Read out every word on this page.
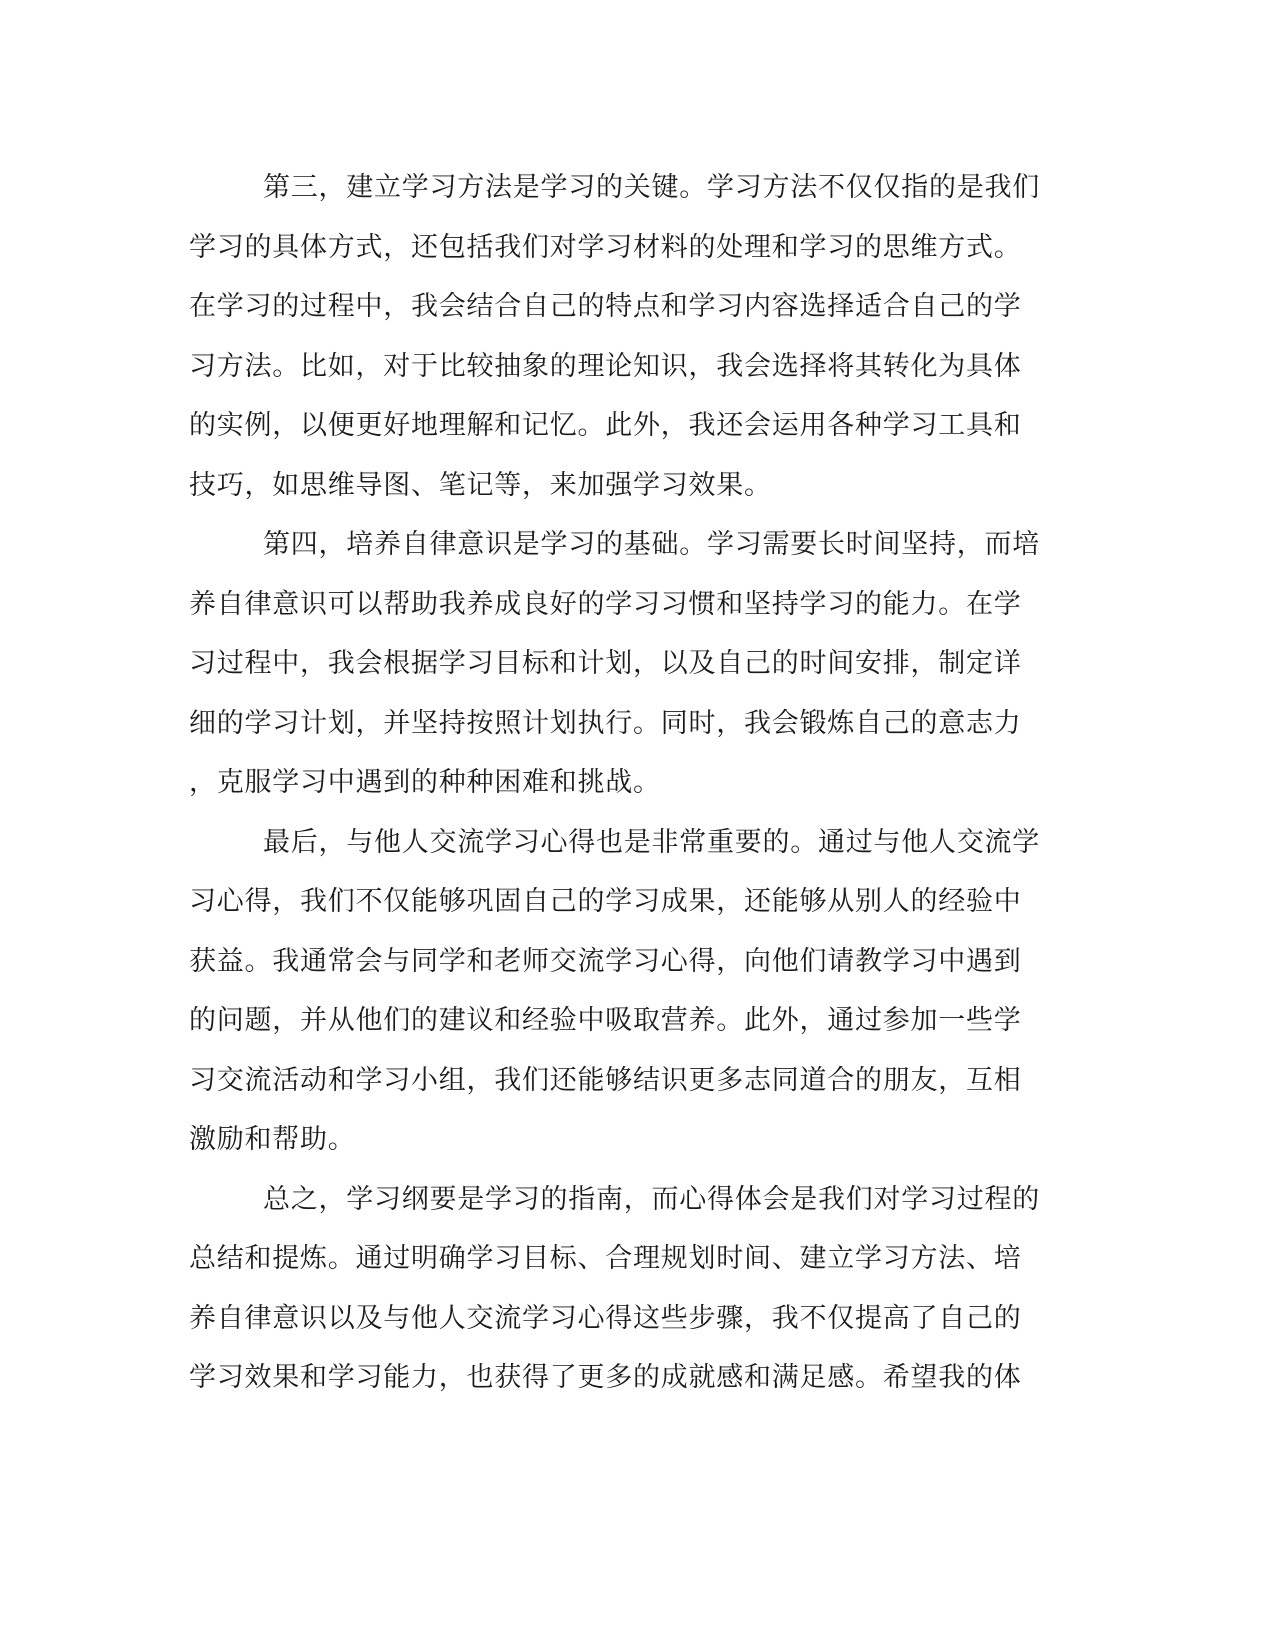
第三，建立学习方法是学习的关键。学习方法不仅仅指的是我们
学习的具体方式，还包括我们对学习材料的处理和学习的思维方式。
在学习的过程中，我会结合自己的特点和学习内容选择适合自己的学
习方法。比如，对于比较抽象的理论知识，我会选择将其转化为具体
的实例，以便更好地理解和记忆。此外，我还会运用各种学习工具和
技巧，如思维导图、笔记等，来加强学习效果。
第四，培养自律意识是学习的基础。学习需要长时间坚持，而培
养自律意识可以帮助我养成良好的学习习惯和坚持学习的能力。在学
习过程中，我会根据学习目标和计划，以及自己的时间安排，制定详
细的学习计划，并坚持按照计划执行。同时，我会锻炼自己的意志力
，克服学习中遇到的种种困难和挑战。
最后，与他人交流学习心得也是非常重要的。通过与他人交流学
习心得，我们不仅能够巩固自己的学习成果，还能够从别人的经验中
获益。我通常会与同学和老师交流学习心得，向他们请教学习中遇到
的问题，并从他们的建议和经验中吸取营养。此外，通过参加一些学
习交流活动和学习小组，我们还能够结识更多志同道合的朋友，互相
激励和帮助。
总之，学习纲要是学习的指南，而心得体会是我们对学习过程的
总结和提炼。通过明确学习目标、合理规划时间、建立学习方法、培
养自律意识以及与他人交流学习心得这些步骤，我不仅提高了自己的
学习效果和学习能力，也获得了更多的成就感和满足感。希望我的体
